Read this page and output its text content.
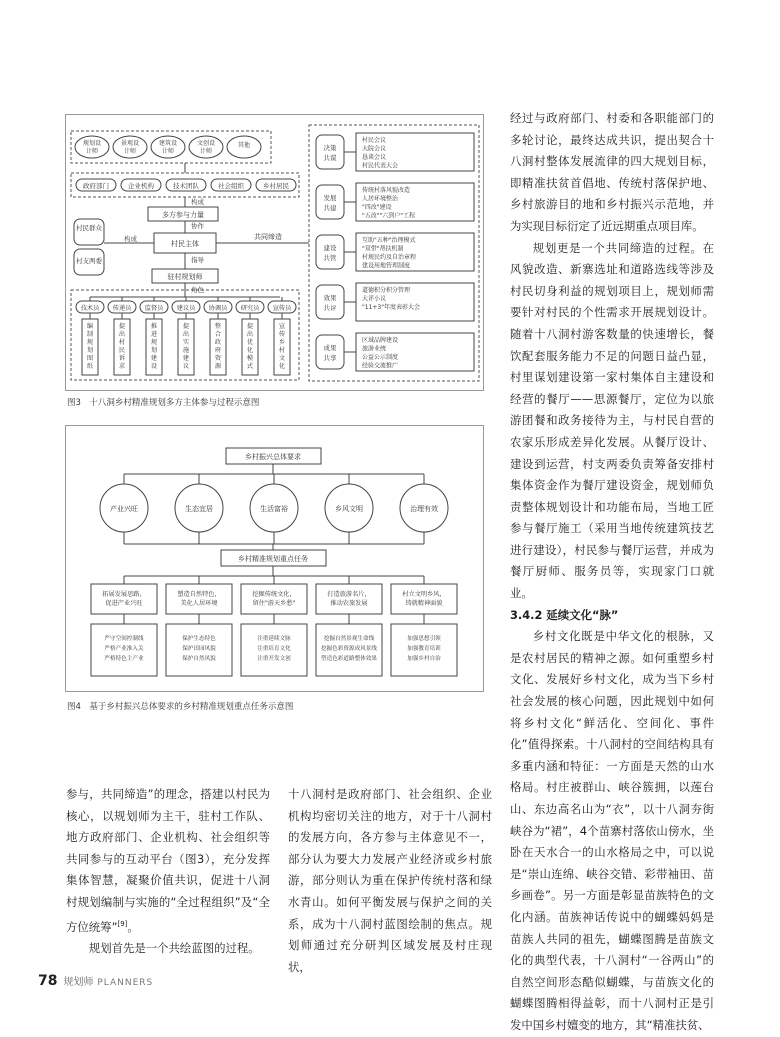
规划设
计师
景观设
计师
建筑设
计师
文创设
计师
其他
政府部门	企业机构	技术团队	社会组织	乡村居民
多方参与力量
构成
协作
村民主体
村民群众
村支两委
构成	共同缔造
指导
驻村规划师
角色
技术员
编
制
规
划
图
纸
传递员
提
出
村
民
诉
求
监督员
推
进
规
划
建
设
建议员
提
出
实
施
建
议
协调员
整
合
政
府
资
源
研究员
提
出
优
化
模
式
宣传员
宣
传
乡
村
文
化
决策
共谋
村民会议
大院会议
恳谈会议
村民代表大会
发展
共建
传统村落风貌改造
人居环境整治
"四改"建设
"五改""六到户"工程
建设
共管
互助"五种"治理模式
"双带"帮扶机制
村规民约及自治章程
建设用地管理制度
效果
共评
道德积分积分管理
大评小议
"11+3"年度表彰大会
成果
共享
区域品牌建设
旅游业统
公益公示制度
经验交流推广
图3　十八洞乡村精准规划多方主体参与过程示意图
乡村振兴总体要求
产业兴旺	生态宜居	生活富裕	乡风文明	治理有效
乡村精准规划重点任务
拓展发展思路，
促进产业兴旺
严守空间控制线
严格产业准入关
严格特色主产业
塑造自然特色，
美化人居环境
保护生态特色
保护田园风貌
保护自然风貌
挖掘传统文化，
留住"游天乡愁"
注重延续文脉
注重培育文化
注重开发文创
打造旅游名片，
推动农旅发展
挖掘自然景观生命线
挖掘色彩资源成风景线
塑造色彩道路整体效果
村立文明乡风，
铸就精神面貌
加强思想引领
加强教育培训
加强乡村自治
图4　基于乡村振兴总体要求的乡村精准规划重点任务示意图

经过与政府部门、村委和各职能部门的多轮讨论，最终达成共识，提出契合十八洞村整体发展流律的四大规划目标，即精准扶贫首倡地、传统村落保护地、乡村旅游目的地和乡村振兴示范地，并为实现目标衍定了近远期重点项目库。

规划更是一个共同缔造的过程。在风貌改造、新寨选址和道路选线等涉及村民切身利益的规划项目上，规划师需要针对村民的个性需求开展规划设计。随着十八洞村游客数量的快速增长，餐饮配套服务能力不足的问题日益凸显，村里谋划建设第一家村集体自主建设和经营的餐厅——思源餐厅，定位为以旅游团餐和政务接待为主，与村民自营的农家乐形成差异化发展。从餐厅设计、建设到运营，村支两委负责筹备安排村集体资金作为餐厅建设资金，规划师负责整体规划设计和功能布局，当地工匠参与餐厅施工（采用当地传统建筑技艺进行建设），村民参与餐厅运营，并成为餐厅厨师、服务员等，实现家门口就业。

3.4.2 延续文化“脉”

乡村文化既是中华文化的根脉，又是农村居民的精神之源。如何重塑乡村文化、发展好乡村文化，成为当下乡村社会发展的核心问题，因此规划中如何将乡村文化“鲜活化、空间化、事件化”值得探索。十八洞村的空间结构具有多重内涵和特征：一方面是天然的山水格局。村庄被群山、峡谷簇拥，以莲台山、东边高名山为“衣”，以十八洞夯街峡谷为“裙”，4个苗寨村落依山傍水，坐卧在天水合一的山水格局之中，可以说是“崇山连绵、峡谷交错、彩带袖田、苗乡画卷”。另一方面是彰显苗族特色的文化内涵。苗族神话传说中的蝴蝶妈妈是苗族人共同的祖先，蝴蝶图腾是苗族文化的典型代表，十八洞村“一谷两山”的自然空间形态酷似蝴蝶，与苗族文化的蝴蝶图腾相得益彰，而十八洞村正是引发中国乡村嬗变的地方，其“精准扶贫、

参与，共同缔造”的理念，搭建以村民为核心，以规划师为主干，驻村工作队、地方政府部门、企业机构、社会组织等共同参与的互动平台（图3），充分发挥集体智慧，凝聚价值共识，促进十八洞村规划编制与实施的“全过程组织”及“全方位统筹”[9]。

规划首先是一个共绘蓝图的过程。

十八洞村是政府部门、社会组织、企业机构均密切关注的地方，对于十八洞村的发展方向，各方参与主体意见不一，部分认为要大力发展产业经济或乡村旅游，部分则认为重在保护传统村落和绿水青山。如何平衡发展与保护之间的关系，成为十八洞村蓝图绘制的焦点。规划师通过充分研判区域发展及村庄现状，

78 规划师 PLANNERS
